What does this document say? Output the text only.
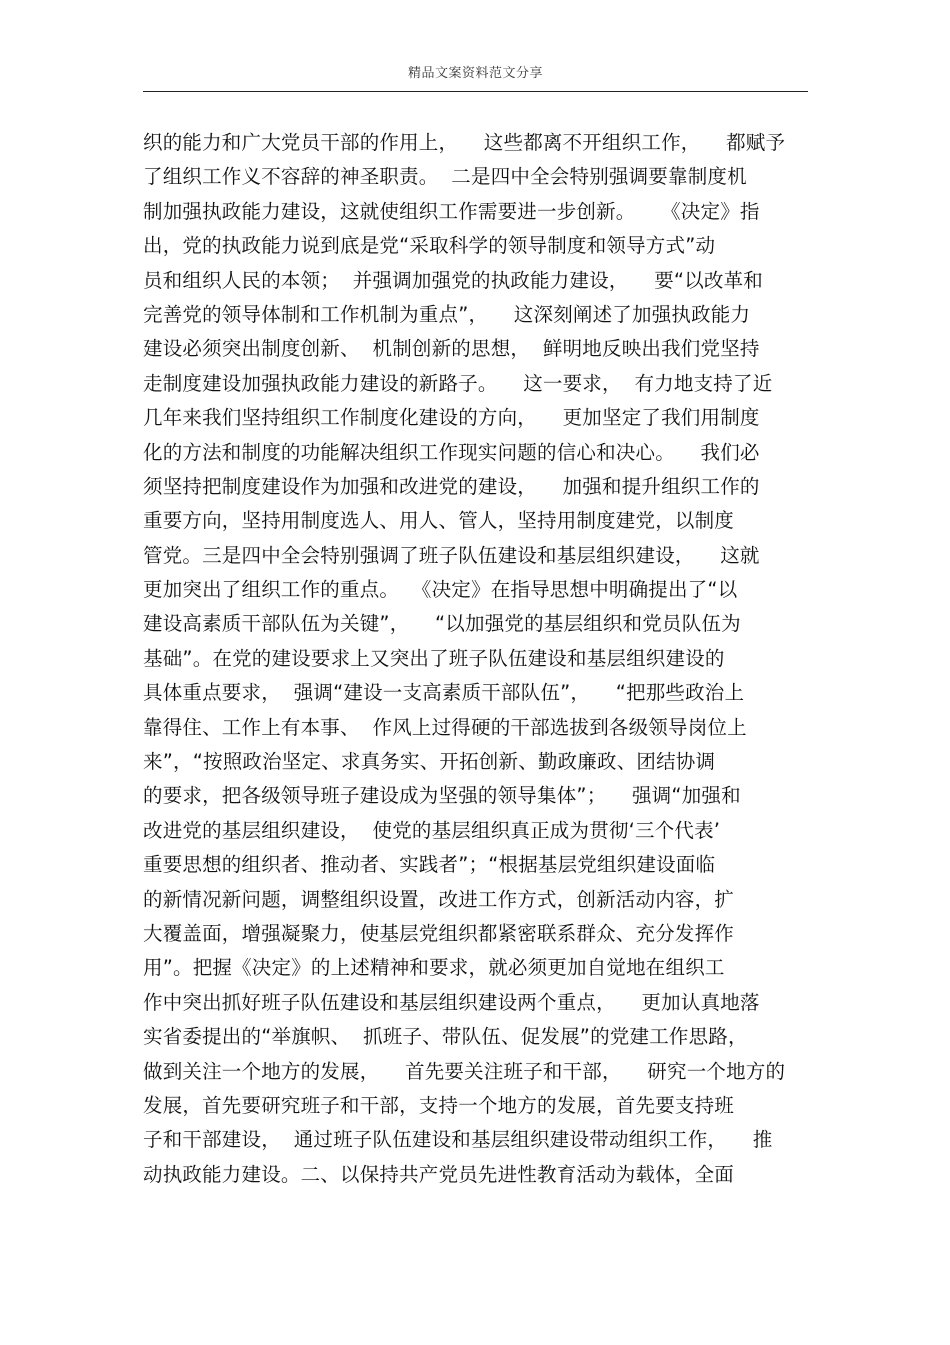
精品文案资料范文分享
织的能力和广大党员干部的作用上，    这些都离不开组织工作，    都赋予
了组织工作义不容辞的神圣职责。  二是四中全会特别强调要靠制度机
制加强执政能力建设，这就使组织工作需要进一步创新。    《决定》指
出，党的执政能力说到底是党“采取科学的领导制度和领导方式”动
员和组织人民的本领；  并强调加强党的执政能力建设，    要“以改革和
完善党的领导体制和工作机制为重点”，    这深刻阐述了加强执政能力
建设必须突出制度创新、  机制创新的思想，  鲜明地反映出我们党坚持
走制度建设加强执政能力建设的新路子。    这一要求，  有力地支持了近
几年来我们坚持组织工作制度化建设的方向，    更加坚定了我们用制度
化的方法和制度的功能解决组织工作现实问题的信心和决心。    我们必
须坚持把制度建设作为加强和改进党的建设，    加强和提升组织工作的
重要方向，坚持用制度选人、用人、管人，坚持用制度建党，以制度
管党。三是四中全会特别强调了班子队伍建设和基层组织建设，    这就
更加突出了组织工作的重点。  《决定》在指导思想中明确提出了“以
建设高素质干部队伍为关键”，    “以加强党的基层组织和党员队伍为
基础”。在党的建设要求上又突出了班子队伍建设和基层组织建设的
具体重点要求，  强调“建设一支高素质干部队伍”，    “把那些政治上
靠得住、工作上有本事、  作风上过得硬的干部选拔到各级领导岗位上
来”，“按照政治坚定、求真务实、开拓创新、勤政廉政、团结协调
的要求，把各级领导班子建设成为坚强的领导集体”；    强调“加强和
改进党的基层组织建设，  使党的基层组织真正成为贯彻‘三个代表’
重要思想的组织者、推动者、实践者”；“根据基层党组织建设面临
的新情况新问题，调整组织设置，改进工作方式，创新活动内容，扩
大覆盖面，增强凝聚力，使基层党组织都紧密联系群众、充分发挥作
用”。把握《决定》的上述精神和要求，就必须更加自觉地在组织工
作中突出抓好班子队伍建设和基层组织建设两个重点，    更加认真地落
实省委提出的“举旗帜、  抓班子、带队伍、促发展”的党建工作思路，
做到关注一个地方的发展，    首先要关注班子和干部，    研究一个地方的
发展，首先要研究班子和干部，支持一个地方的发展，首先要支持班
子和干部建设，  通过班子队伍建设和基层组织建设带动组织工作，    推
动执政能力建设。二、以保持共产党员先进性教育活动为载体，全面
